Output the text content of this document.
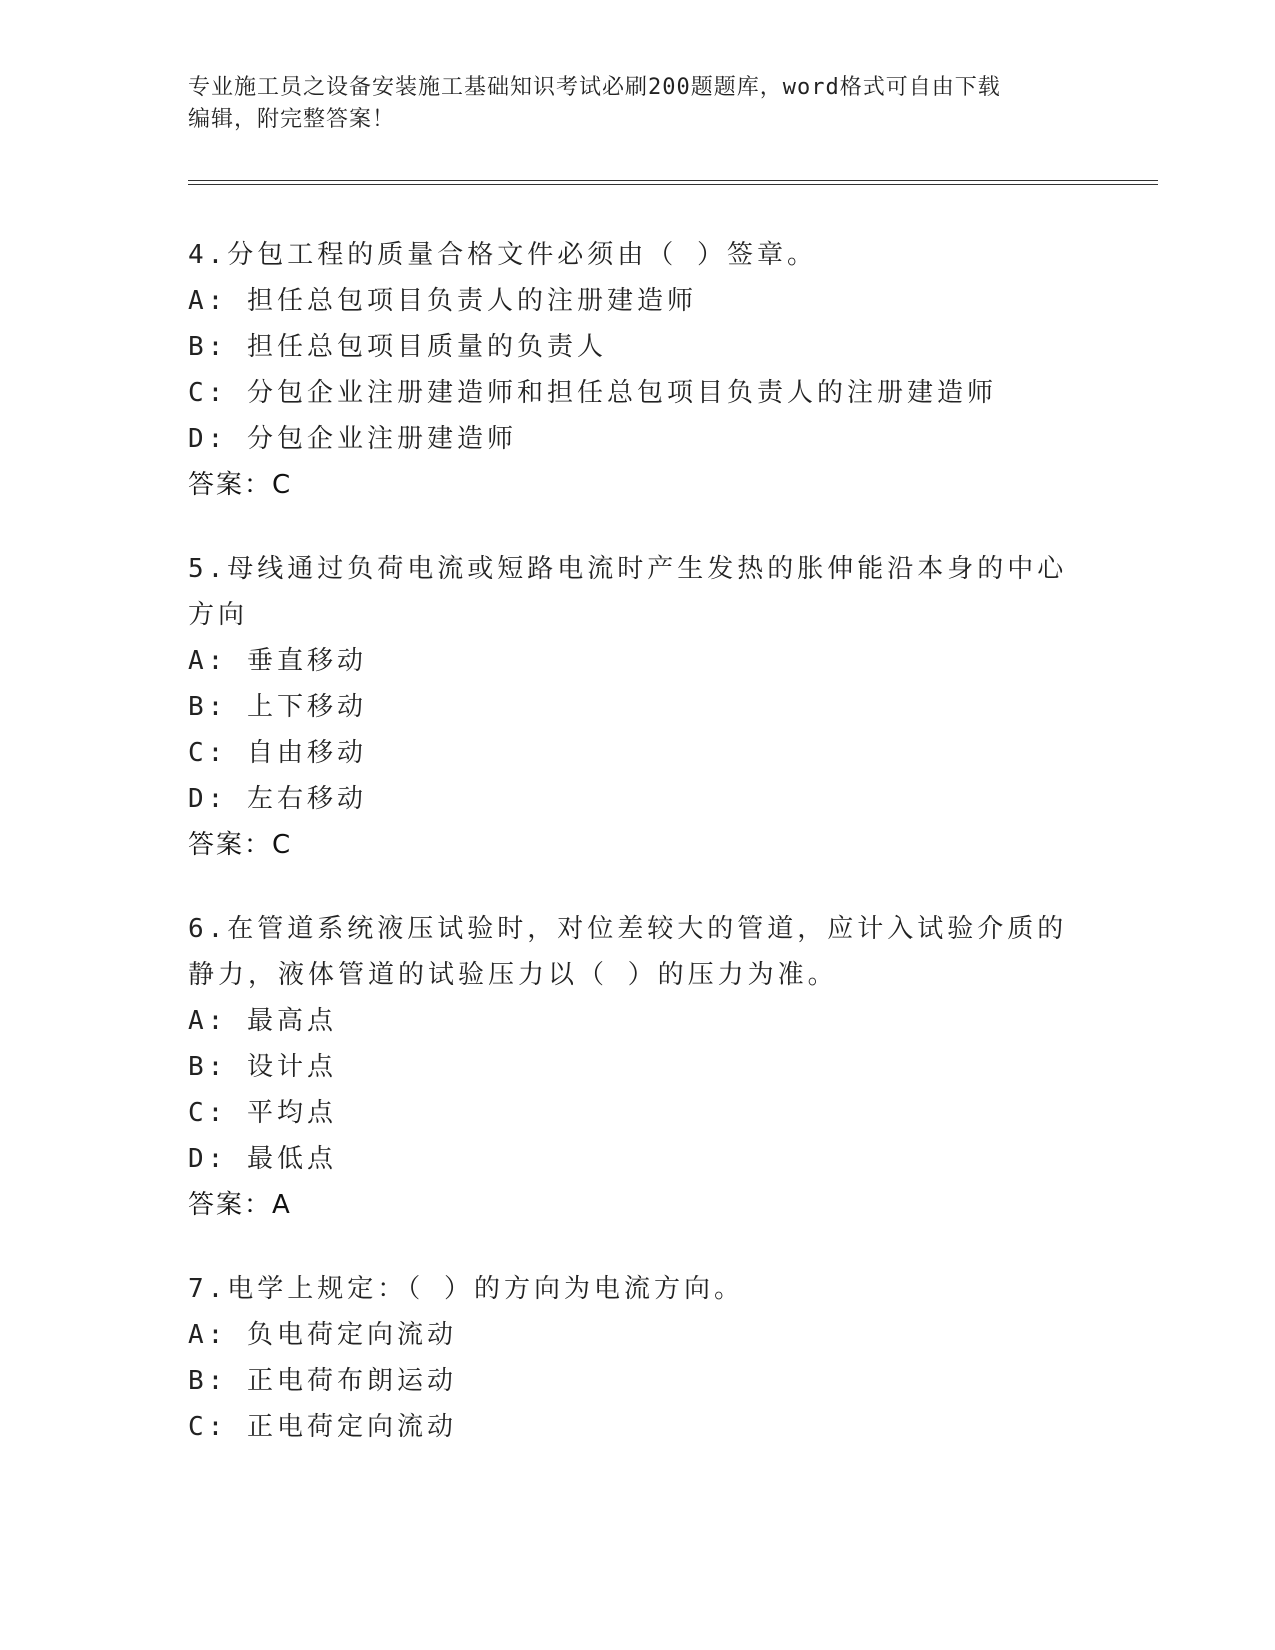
专业施工员之设备安装施工基础知识考试必刷200题题库，word格式可自由下载
编辑，附完整答案！
4.分包工程的质量合格文件必须由（ ）签章。
A: 担任总包项目负责人的注册建造师
B: 担任总包项目质量的负责人
C: 分包企业注册建造师和担任总包项目负责人的注册建造师
D: 分包企业注册建造师
答案：C
5.母线通过负荷电流或短路电流时产生发热的胀伸能沿本身的中心方向
A: 垂直移动
B: 上下移动
C: 自由移动
D: 左右移动
答案：C
6.在管道系统液压试验时，对位差较大的管道，应计入试验介质的静力，液体管道的试验压力以（ ）的压力为准。
A: 最高点
B: 设计点
C: 平均点
D: 最低点
答案：A
7.电学上规定：（ ）的方向为电流方向。
A: 负电荷定向流动
B: 正电荷布朗运动
C: 正电荷定向流动
